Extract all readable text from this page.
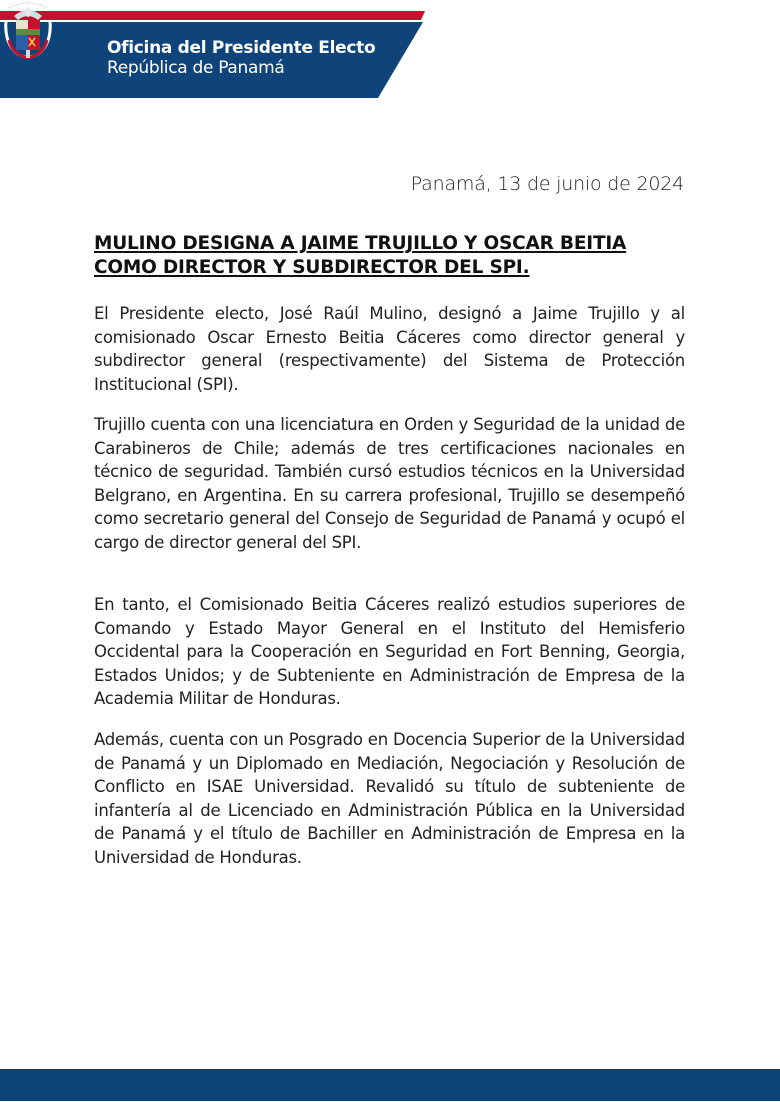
Oficina del Presidente Electo
República de Panamá
Panamá, 13 de junio de 2024
MULINO DESIGNA A JAIME TRUJILLO Y OSCAR BEITIA
COMO DIRECTOR Y SUBDIRECTOR DEL SPI.

El Presidente electo, José Raúl Mulino, designó a Jaime Trujillo y al comisionado Oscar Ernesto Beitia Cáceres como director general y subdirector general (respectivamente) del Sistema de Protección Institucional (SPI).

Trujillo cuenta con una licenciatura en Orden y Seguridad de la unidad de Carabineros de Chile; además de tres certificaciones nacionales en técnico de seguridad. También cursó estudios técnicos en la Universidad Belgrano, en Argentina. En su carrera profesional, Trujillo se desempeñó como secretario general del Consejo de Seguridad de Panamá y ocupó el cargo de director general del SPI.

En tanto, el Comisionado Beitia Cáceres realizó estudios superiores de Comando y Estado Mayor General en el Instituto del Hemisferio Occidental para la Cooperación en Seguridad en Fort Benning, Georgia, Estados Unidos; y de Subteniente en Administración de Empresa de la Academia Militar de Honduras.

Además, cuenta con un Posgrado en Docencia Superior de la Universidad de Panamá y un Diplomado en Mediación, Negociación y Resolución de Conflicto en ISAE Universidad. Revalidó su título de subteniente de infantería al de Licenciado en Administración Pública en la Universidad de Panamá y el título de Bachiller en Administración de Empresa en la Universidad de Honduras.
